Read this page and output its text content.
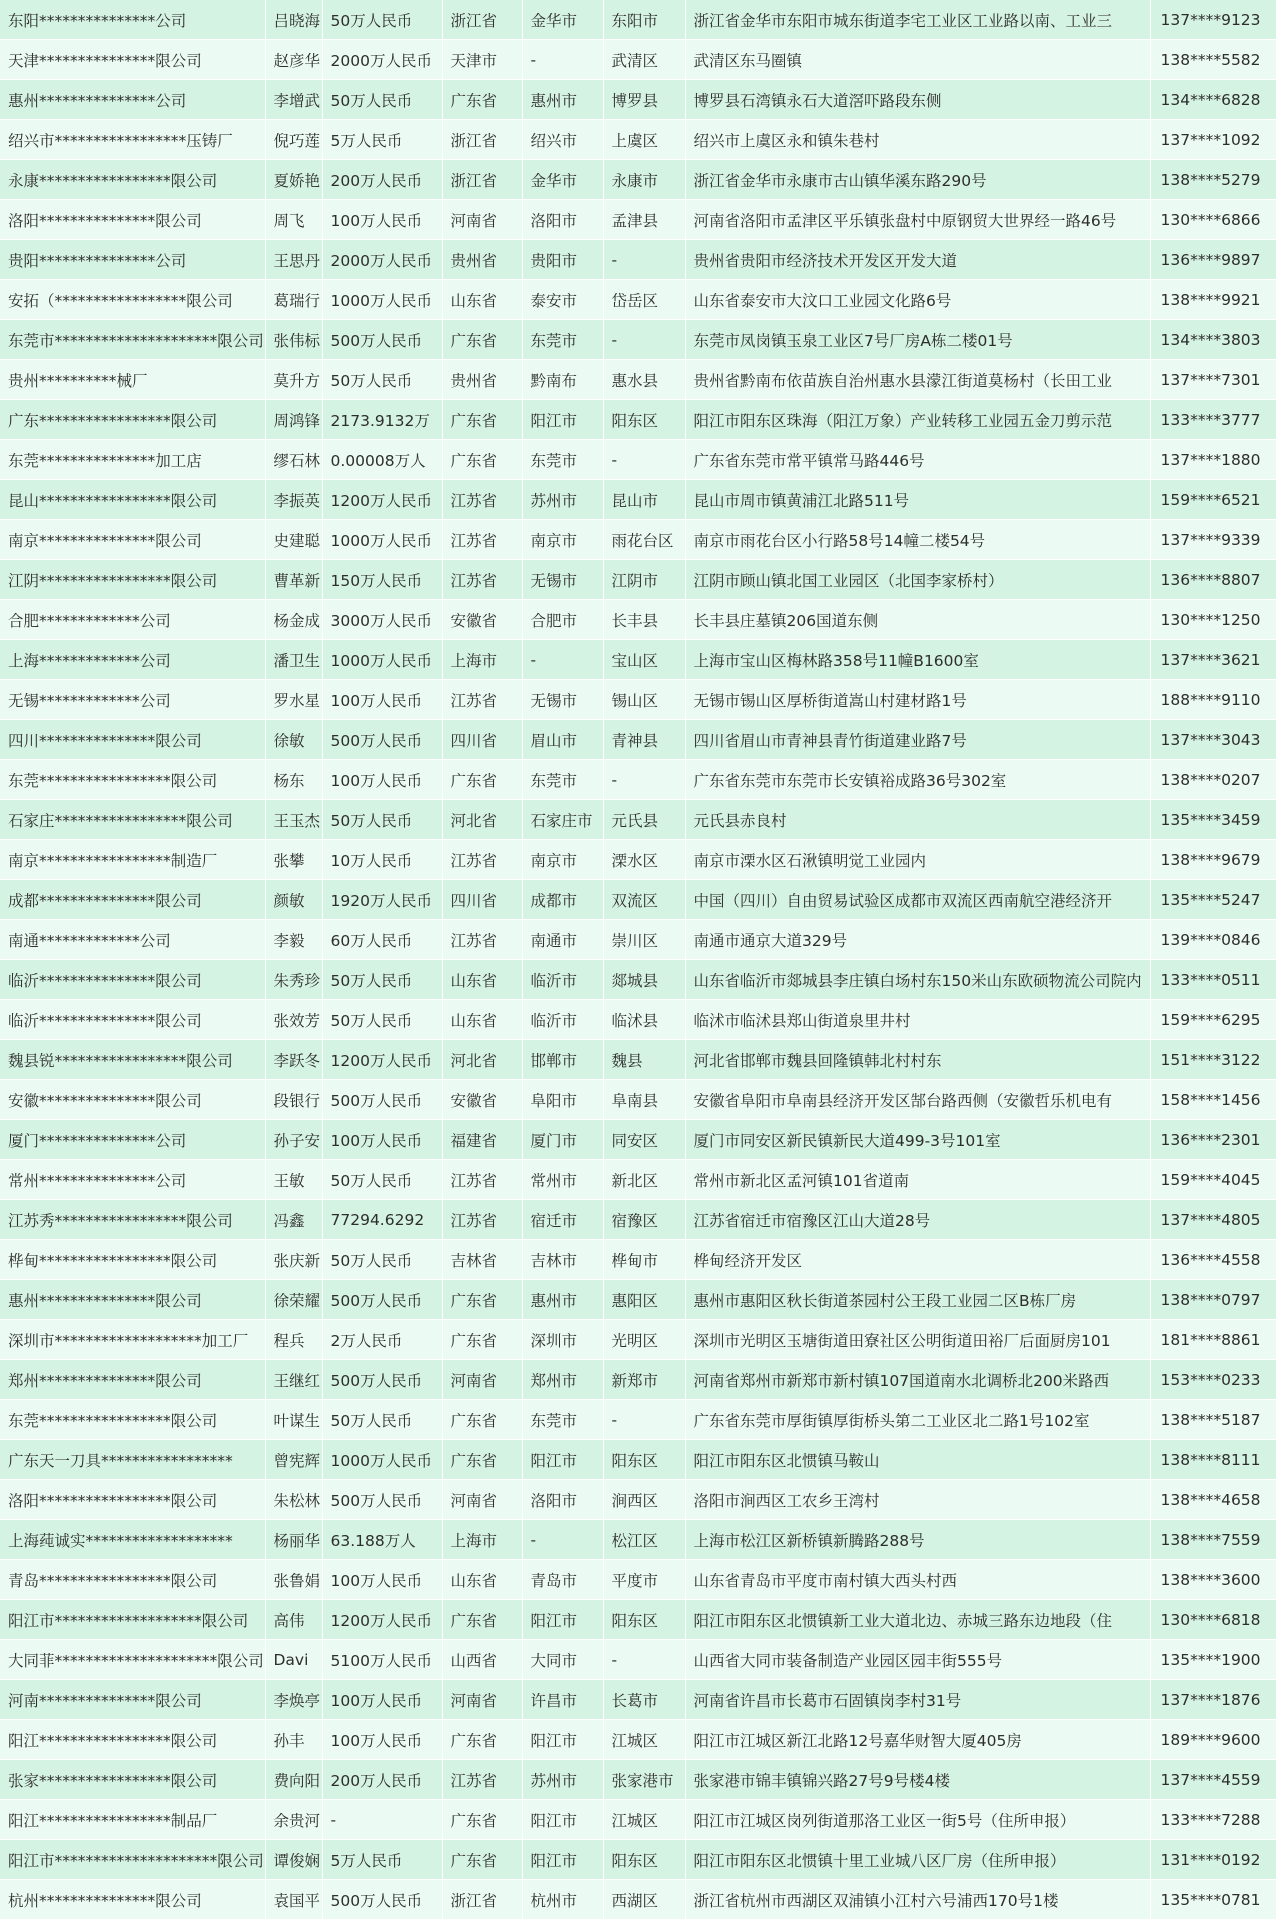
东阳***************公司	吕晓海	50万人民币	浙江省	金华市	东阳市	浙江省金华市东阳市城东街道李宅工业区工业路以南、工业三	137****9123
天津***************限公司	赵彦华	2000万人民币	天津市	-	武清区	武清区东马圈镇	138****5582
惠州***************公司	李增武	50万人民币	广东省	惠州市	博罗县	博罗县石湾镇永石大道滘吓路段东侧	134****6828
绍兴市*****************压铸厂	倪巧莲	5万人民币	浙江省	绍兴市	上虞区	绍兴市上虞区永和镇朱巷村	137****1092
永康*****************限公司	夏娇艳	200万人民币	浙江省	金华市	永康市	浙江省金华市永康市古山镇华溪东路290号	138****5279
洛阳***************限公司	周飞	100万人民币	河南省	洛阳市	孟津县	河南省洛阳市孟津区平乐镇张盘村中原钢贸大世界经一路46号	130****6866
贵阳***************公司	王思丹	2000万人民币	贵州省	贵阳市	-	贵州省贵阳市经济技术开发区开发大道	136****9897
安拓（*****************限公司	葛瑞行	1000万人民币	山东省	泰安市	岱岳区	山东省泰安市大汶口工业园文化路6号	138****9921
东莞市*********************限公司	张伟标	500万人民币	广东省	东莞市	-	东莞市凤岗镇玉泉工业区7号厂房A栋二楼01号	134****3803
贵州**********械厂	莫升方	50万人民币	贵州省	黔南布	惠水县	贵州省黔南布依苗族自治州惠水县濛江街道莫杨村（长田工业	137****7301
广东*****************限公司	周鸿锋	2173.9132万	广东省	阳江市	阳东区	阳江市阳东区珠海（阳江万象）产业转移工业园五金刀剪示范	133****3777
东莞***************加工店	缪石林	0.00008万人	广东省	东莞市	-	广东省东莞市常平镇常马路446号	137****1880
昆山*****************限公司	李振英	1200万人民币	江苏省	苏州市	昆山市	昆山市周市镇黄浦江北路511号	159****6521
南京***************限公司	史建聪	1000万人民币	江苏省	南京市	雨花台区	南京市雨花台区小行路58号14幢二楼54号	137****9339
江阴*****************限公司	曹革新	150万人民币	江苏省	无锡市	江阴市	江阴市顾山镇北国工业园区（北国李家桥村）	136****8807
合肥*************公司	杨金成	3000万人民币	安徽省	合肥市	长丰县	长丰县庄墓镇206国道东侧	130****1250
上海*************公司	潘卫生	1000万人民币	上海市	-	宝山区	上海市宝山区梅林路358号11幢B1600室	137****3621
无锡*************公司	罗水星	100万人民币	江苏省	无锡市	锡山区	无锡市锡山区厚桥街道嵩山村建材路1号	188****9110
四川***************限公司	徐敏	500万人民币	四川省	眉山市	青神县	四川省眉山市青神县青竹街道建业路7号	137****3043
东莞*****************限公司	杨东	100万人民币	广东省	东莞市	-	广东省东莞市东莞市长安镇裕成路36号302室	138****0207
石家庄*****************限公司	王玉杰	50万人民币	河北省	石家庄市	元氏县	元氏县赤良村	135****3459
南京*****************制造厂	张攀	10万人民币	江苏省	南京市	溧水区	南京市溧水区石湫镇明觉工业园内	138****9679
成都***************限公司	颜敏	1920万人民币	四川省	成都市	双流区	中国（四川）自由贸易试验区成都市双流区西南航空港经济开	135****5247
南通*************公司	李毅	60万人民币	江苏省	南通市	崇川区	南通市通京大道329号	139****0846
临沂***************限公司	朱秀珍	50万人民币	山东省	临沂市	郯城县	山东省临沂市郯城县李庄镇白场村东150米山东欧硕物流公司院内	133****0511
临沂***************限公司	张效芳	50万人民币	山东省	临沂市	临沭县	临沭市临沭县郑山街道泉里井村	159****6295
魏县锐*****************限公司	李跃冬	1200万人民币	河北省	邯郸市	魏县	河北省邯郸市魏县回隆镇韩北村村东	151****3122
安徽***************限公司	段银行	500万人民币	安徽省	阜阳市	阜南县	安徽省阜阳市阜南县经济开发区郜台路西侧（安徽哲乐机电有	158****1456
厦门***************公司	孙子安	100万人民币	福建省	厦门市	同安区	厦门市同安区新民镇新民大道499-3号101室	136****2301
常州***************公司	王敏	50万人民币	江苏省	常州市	新北区	常州市新北区孟河镇101省道南	159****4045
江苏秀*****************限公司	冯鑫	77294.6292	江苏省	宿迁市	宿豫区	江苏省宿迁市宿豫区江山大道28号	137****4805
桦甸*****************限公司	张庆新	50万人民币	吉林省	吉林市	桦甸市	桦甸经济开发区	136****4558
惠州***************限公司	徐荣耀	500万人民币	广东省	惠州市	惠阳区	惠州市惠阳区秋长街道茶园村公王段工业园二区B栋厂房	138****0797
深圳市*******************加工厂	程兵	2万人民币	广东省	深圳市	光明区	深圳市光明区玉塘街道田寮社区公明街道田裕厂后面厨房101	181****8861
郑州***************限公司	王继红	500万人民币	河南省	郑州市	新郑市	河南省郑州市新郑市新村镇107国道南水北调桥北200米路西	153****0233
东莞*****************限公司	叶谋生	50万人民币	广东省	东莞市	-	广东省东莞市厚街镇厚街桥头第二工业区北二路1号102室	138****5187
广东天一刀具*****************	曾宪辉	1000万人民币	广东省	阳江市	阳东区	阳江市阳东区北惯镇马鞍山	138****8111
洛阳*****************限公司	朱松林	500万人民币	河南省	洛阳市	涧西区	洛阳市涧西区工农乡王湾村	138****4658
上海莼诚实*******************	杨丽华	63.188万人	上海市	-	松江区	上海市松江区新桥镇新腾路288号	138****7559
青岛*****************限公司	张鲁娟	100万人民币	山东省	青岛市	平度市	山东省青岛市平度市南村镇大西头村西	138****3600
阳江市*******************限公司	高伟	1200万人民币	广东省	阳江市	阳东区	阳江市阳东区北惯镇新工业大道北边、赤城三路东边地段（住	130****6818
大同菲*********************限公司	Davi	5100万人民币	山西省	大同市	-	山西省大同市装备制造产业园区园丰街555号	135****1900
河南***************限公司	李焕亭	100万人民币	河南省	许昌市	长葛市	河南省许昌市长葛市石固镇岗李村31号	137****1876
阳江*****************限公司	孙丰	100万人民币	广东省	阳江市	江城区	阳江市江城区新江北路12号嘉华财智大厦405房	189****9600
张家*****************限公司	费向阳	200万人民币	江苏省	苏州市	张家港市	张家港市锦丰镇锦兴路27号9号楼4楼	137****4559
阳江*****************制品厂	余贵河	-	广东省	阳江市	江城区	阳江市江城区岗列街道那洛工业区一街5号（住所申报）	133****7288
阳江市*********************限公司	谭俊娴	5万人民币	广东省	阳江市	阳东区	阳江市阳东区北惯镇十里工业城八区厂房（住所申报）	131****0192
杭州***************限公司	袁国平	500万人民币	浙江省	杭州市	西湖区	浙江省杭州市西湖区双浦镇小江村六号浦西170号1楼	135****0781
